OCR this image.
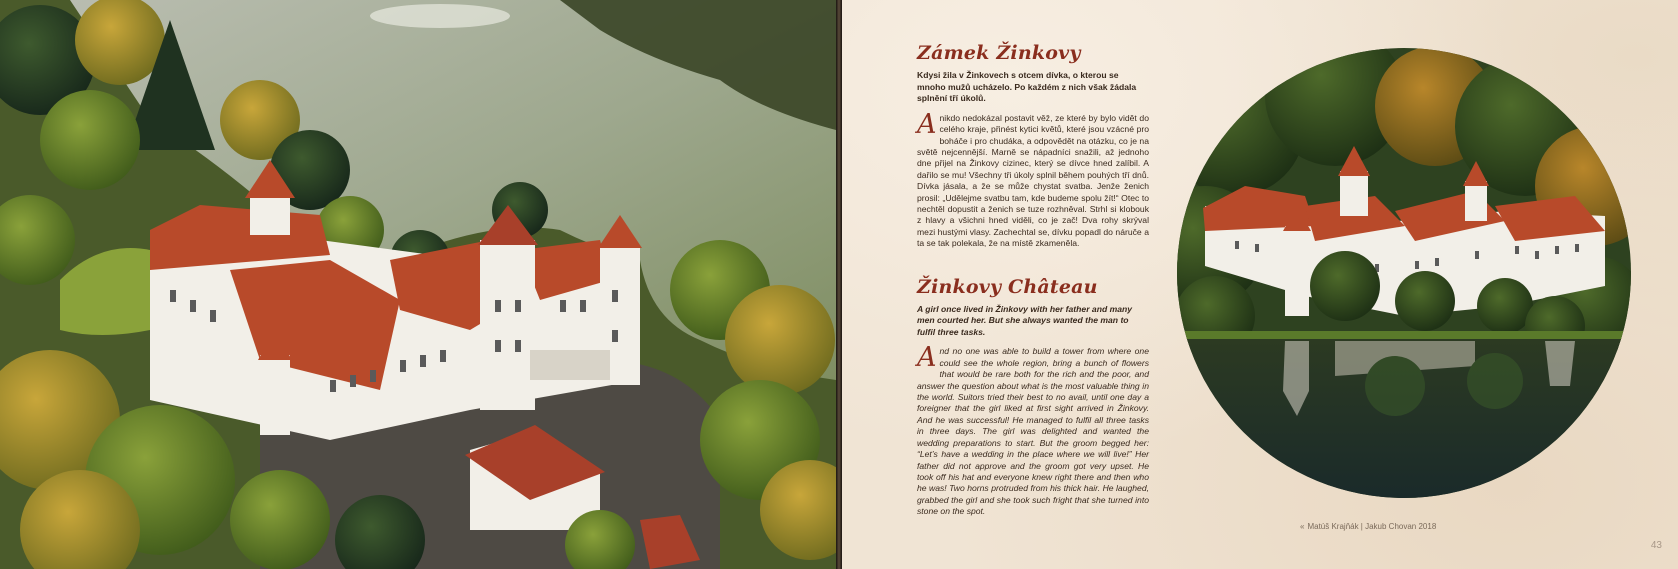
Zámek Žinkovy

Kdysi žila v Žinkovech s otcem dívka, o kterou se mnoho mužů ucházelo. Po každém z nich však žádala splnění tří úkolů.

A nikdo nedokázal postavit věž, ze které by bylo vidět do celého kraje, přinést kytici květů, které jsou vzácné pro boháče i pro chudáka, a odpovědět na otázku, co je na světě nejcennější. Marně se nápadníci snažili, až jednoho dne přijel na Žinkovy cizinec, který se dívce hned zalíbil. A dařilo se mu! Všechny tři úkoly splnil během pouhých tří dnů. Dívka jásala, a že se může chystat svatba. Jenže ženich prosil: „Udělejme svatbu tam, kde budeme spolu žít!“ Otec to nechtěl dopustit a ženich se tuze rozhněval. Strhl si klobouk z hlavy a všichni hned viděli, co je zač! Dva rohy skrýval mezi hustými vlasy. Zachechtal se, dívku popadl do náruče a ta se tak polekala, že na místě zkameněla.

Žinkovy Château

A girl once lived in Žinkovy with her father and many men courted her. But she always wanted the man to fulfil three tasks.

And no one was able to build a tower from where one could see the whole region, bring a bunch of flowers that would be rare both for the rich and the poor, and answer the question about what is the most valuable thing in the world. Suitors tried their best to no avail, until one day a foreigner that the girl liked at first sight arrived in Žinkovy. And he was successful! He managed to fulfil all three tasks in three days. The girl was delighted and wanted the wedding preparations to start. But the groom begged her: “Let’s have a wedding in the place where we will live!” Her father did not approve and the groom got very upset. He took off his hat and everyone knew right there and then who he was! Two horns protruded from his thick hair. He laughed, grabbed the girl and she took such fright that she turned into stone on the spot.

« Matúš Krajňák | Jakub Chovan 2018
43
